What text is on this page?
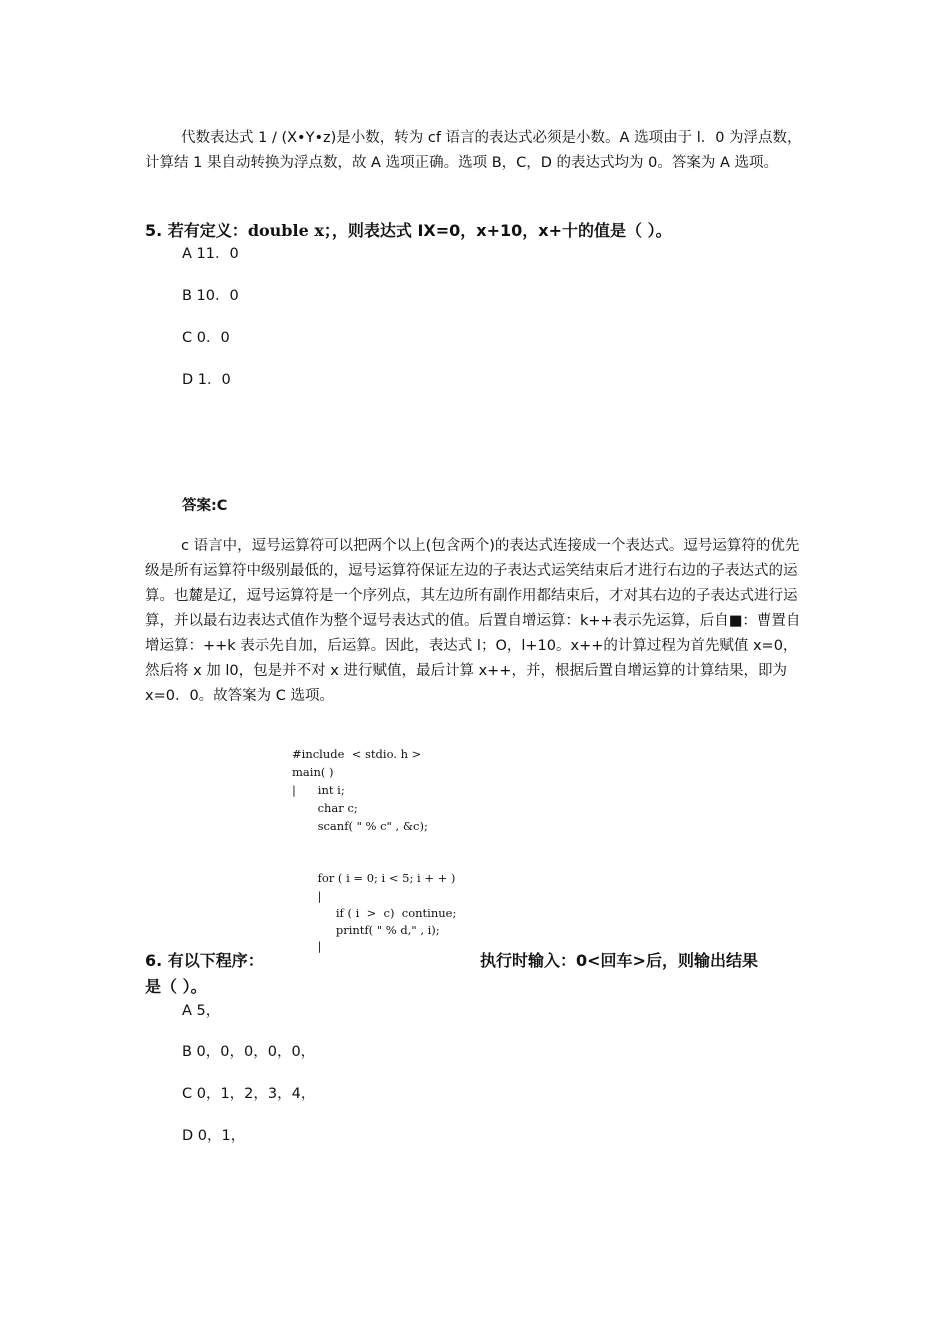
代数表达式 1 / (X•Y•z)是小数，转为 cf 语言的表达式必须是小数。A 选项由于 l．0 为浮点数，计算结 1 果自动转换为浮点数，故 A 选项正确。选项 B，C，D 的表达式均为 0。答案为 A 选项。

5. 若有定义：double x；，则表达式 IX=0，x+10，x+十的值是（ ）。
A 11．0
B 10．0
C 0．0
D 1．0
答案:C

c 语言中，逗号运算符可以把两个以上(包含两个)的表达式连接成一个表达式。逗号运算符的优先级是所有运算符中级别最低的，逗号运算符保证左边的子表达式运笑结束后才进行右边的子表达式的运算。也麓是辽，逗号运算符是一个序列点，其左边所有副作用都结束后，才对其右边的子表达式进行运算，并以最右边表达式值作为整个逗号表达式的值。后置自增运算：k++表示先运算，后自■：曹置自增运算：++k 表示先自加，后运算。因此，表达式 l；O，l+10。x++的计算过程为首先赋值 x=0，然后将 x 加 l0，包是并不对 x 进行赋值，最后计算 x++，并，根据后置自增运算的计算结果，即为 x=0．0。故答案为 C 选项。

#include  < stdio. h >
main( )
|      int i;
char c;
scanf( " % c" , &c);
for ( i = 0; i < 5; i + + )
|
if ( i  >  c)  continue;
printf( " % d," , i);
|
6. 有以下程序：	执行时输入：0<回车>后，则输出结果
是（ ）。
A 5，
B 0，0，0，0，0，
C 0，1，2，3，4，
D 0，1，
